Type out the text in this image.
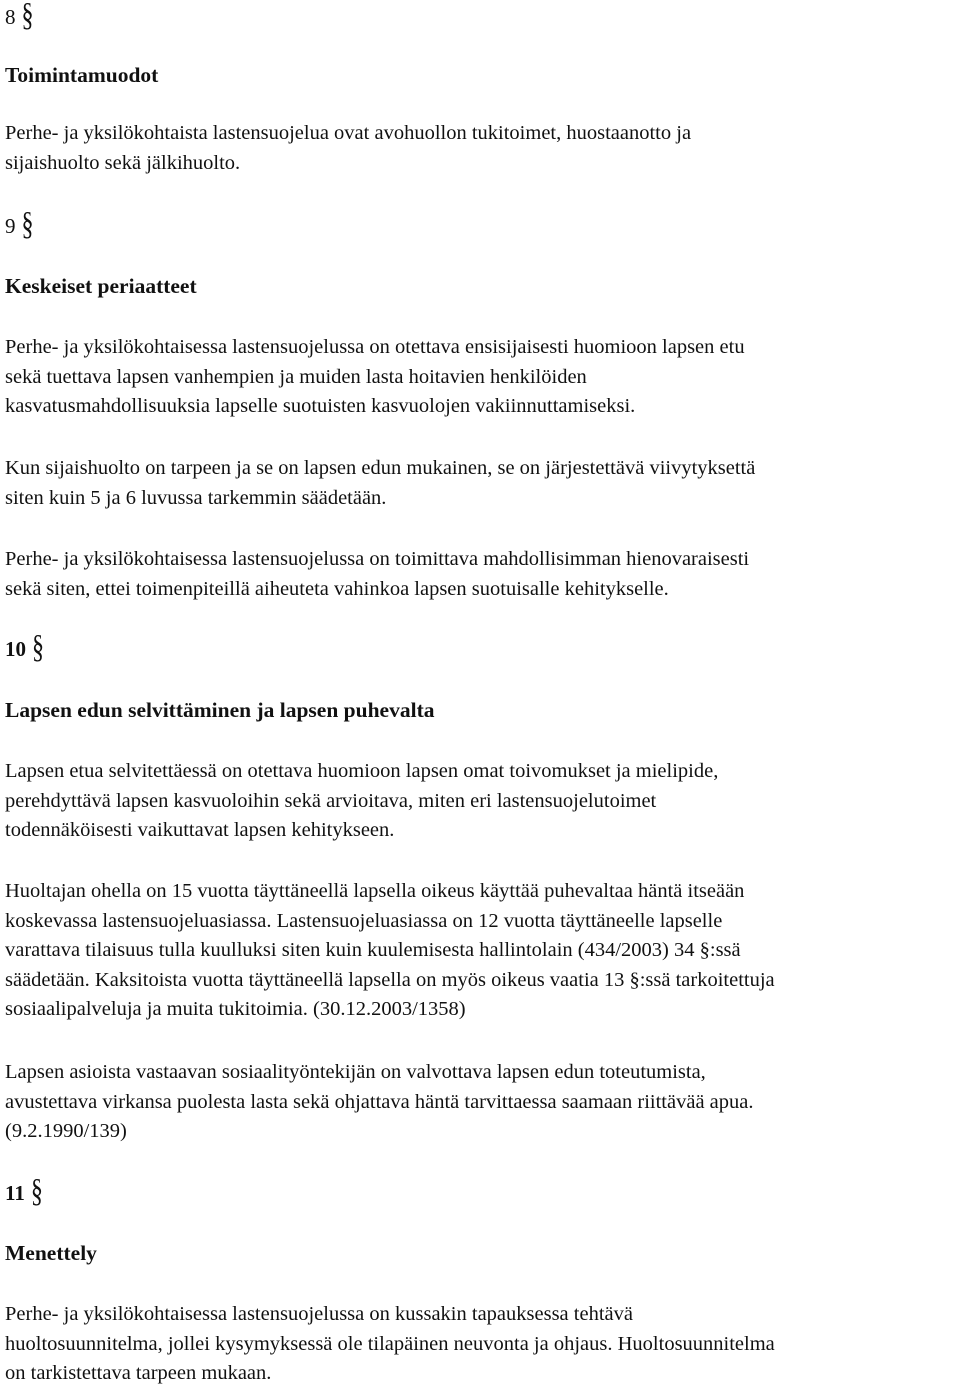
8 §
Toimintamuodot

Perhe- ja yksilökohtaista lastensuojelua ovat avohuollon tukitoimet, huostaanotto ja
sijaishuolto sekä jälkihuolto.

9 §
Keskeiset periaatteet

Perhe- ja yksilökohtaisessa lastensuojelussa on otettava ensisijaisesti huomioon lapsen etu
sekä tuettava lapsen vanhempien ja muiden lasta hoitavien henkilöiden
kasvatusmahdollisuuksia lapselle suotuisten kasvuolojen vakiinnuttamiseksi.

Kun sijaishuolto on tarpeen ja se on lapsen edun mukainen, se on järjestettävä viivytyksettä
siten kuin 5 ja 6 luvussa tarkemmin säädetään.

Perhe- ja yksilökohtaisessa lastensuojelussa on toimittava mahdollisimman hienovaraisesti
sekä siten, ettei toimenpiteillä aiheuteta vahinkoa lapsen suotuisalle kehitykselle.

10 §
Lapsen edun selvittäminen ja lapsen puhevalta

Lapsen etua selvitettäessä on otettava huomioon lapsen omat toivomukset ja mielipide,
perehdyttävä lapsen kasvuoloihin sekä arvioitava, miten eri lastensuojelutoimet
todennäköisesti vaikuttavat lapsen kehitykseen.

Huoltajan ohella on 15 vuotta täyttäneellä lapsella oikeus käyttää puhevaltaa häntä itseään
koskevassa lastensuojeluasiassa. Lastensuojeluasiassa on 12 vuotta täyttäneelle lapselle
varattava tilaisuus tulla kuulluksi siten kuin kuulemisesta hallintolain (434/2003) 34 §:ssä
säädetään. Kaksitoista vuotta täyttäneellä lapsella on myös oikeus vaatia 13 §:ssä tarkoitettuja
sosiaalipalveluja ja muita tukitoimia. (30.12.2003/1358)

Lapsen asioista vastaavan sosiaalityöntekijän on valvottava lapsen edun toteutumista,
avustettava virkansa puolesta lasta sekä ohjattava häntä tarvittaessa saamaan riittävää apua.
(9.2.1990/139)

11 §
Menettely

Perhe- ja yksilökohtaisessa lastensuojelussa on kussakin tapauksessa tehtävä
huoltosuunnitelma, jollei kysymyksessä ole tilapäinen neuvonta ja ohjaus. Huoltosuunnitelma
on tarkistettava tarpeen mukaan.
